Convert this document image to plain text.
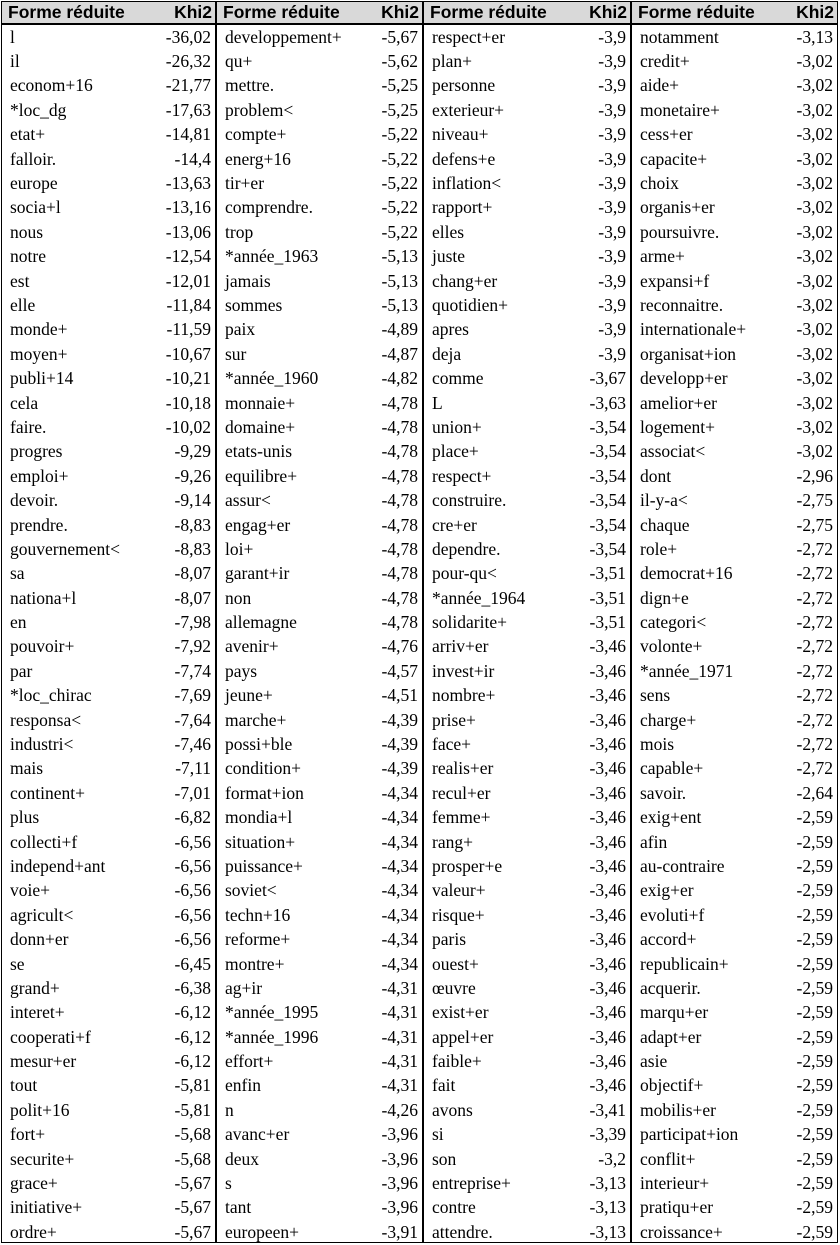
Forme réduite	Khi2
l	-36,02
il	-26,32
econom+16	-21,77
*loc_dg	-17,63
etat+	-14,81
falloir.	-14,4
europe	-13,63
socia+l	-13,16
nous	-13,06
notre	-12,54
est	-12,01
elle	-11,84
monde+	-11,59
moyen+	-10,67
publi+14	-10,21
cela	-10,18
faire.	-10,02
progres	-9,29
emploi+	-9,26
devoir.	-9,14
prendre.	-8,83
gouvernement<	-8,83
sa	-8,07
nationa+l	-8,07
en	-7,98
pouvoir+	-7,92
par	-7,74
*loc_chirac	-7,69
responsa<	-7,64
industri<	-7,46
mais	-7,11
continent+	-7,01
plus	-6,82
collecti+f	-6,56
independ+ant	-6,56
voie+	-6,56
agricult<	-6,56
donn+er	-6,56
se	-6,45
grand+	-6,38
interet+	-6,12
cooperati+f	-6,12
mesur+er	-6,12
tout	-5,81
polit+16	-5,81
fort+	-5,68
securite+	-5,68
grace+	-5,67
initiative+	-5,67
ordre+	-5,67
Forme réduite Khi2
developpement+ -5,67
qu+	-5,62
mettre.	-5,25
problem<	-5,25
compte+	-5,22
energ+16	-5,22
tir+er	-5,22
comprendre.	-5,22
trop	-5,22
*année_1963	-5,13
jamais	-5,13
sommes	-5,13
paix	-4,89
sur	-4,87
*année_1960	-4,82
monnaie+	-4,78
domaine+	-4,78
etats-unis	-4,78
equilibre+	-4,78
assur<	-4,78
engag+er	-4,78
loi+	-4,78
garant+ir	-4,78
non	-4,78
allemagne	-4,78
avenir+	-4,76
pays	-4,57
jeune+	-4,51
marche+	-4,39
possi+ble	-4,39
condition+	-4,39
format+ion	-4,34
mondia+l	-4,34
situation+	-4,34
puissance+	-4,34
soviet<	-4,34
techn+16	-4,34
reforme+	-4,34
montre+	-4,34
ag+ir	-4,31
*année_1995	-4,31
*année_1996	-4,31
effort+	-4,31
enfin	-4,31
n	-4,26
avanc+er	-3,96
deux	-3,96
s	-3,96
tant	-3,96
europeen+	-3,91
Forme réduite Khi2
respect+er	-3,9
plan+	-3,9
personne	-3,9
exterieur+	-3,9
niveau+	-3,9
defens+e	-3,9
inflation<	-3,9
rapport+	-3,9
elles	-3,9
juste	-3,9
chang+er	-3,9
quotidien+	-3,9
apres	-3,9
deja	-3,9
comme	-3,67
L	-3,63
union+	-3,54
place+	-3,54
respect+	-3,54
construire.	-3,54
cre+er	-3,54
dependre.	-3,54
pour-qu<	-3,51
*année_1964	-3,51
solidarite+	-3,51
arriv+er	-3,46
invest+ir	-3,46
nombre+	-3,46
prise+	-3,46
face+	-3,46
realis+er	-3,46
recul+er	-3,46
femme+	-3,46
rang+	-3,46
prosper+e	-3,46
valeur+	-3,46
risque+	-3,46
paris	-3,46
ouest+	-3,46
œuvre	-3,46
exist+er	-3,46
appel+er	-3,46
faible+	-3,46
fait	-3,46
avons	-3,41
si	-3,39
son	-3,2
entreprise+	-3,13
contre	-3,13
attendre.	-3,13
Forme réduite Khi2
notamment	-3,13
credit+	-3,02
aide+	-3,02
monetaire+	-3,02
cess+er	-3,02
capacite+	-3,02
choix	-3,02
organis+er	-3,02
poursuivre.	-3,02
arme+	-3,02
expansi+f	-3,02
reconnaitre.	-3,02
internationale+	-3,02
organisat+ion	-3,02
developp+er	-3,02
amelior+er	-3,02
logement+	-3,02
associat<	-3,02
dont	-2,96
il-y-a<	-2,75
chaque	-2,75
role+	-2,72
democrat+16	-2,72
dign+e	-2,72
categori<	-2,72
volonte+	-2,72
*année_1971	-2,72
sens	-2,72
charge+	-2,72
mois	-2,72
capable+	-2,72
savoir.	-2,64
exig+ent	-2,59
afin	-2,59
au-contraire	-2,59
exig+er	-2,59
evoluti+f	-2,59
accord+	-2,59
republicain+	-2,59
acquerir.	-2,59
marqu+er	-2,59
adapt+er	-2,59
asie	-2,59
objectif+	-2,59
mobilis+er	-2,59
participat+ion	-2,59
conflit+	-2,59
interieur+	-2,59
pratiqu+er	-2,59
croissance+	-2,59
